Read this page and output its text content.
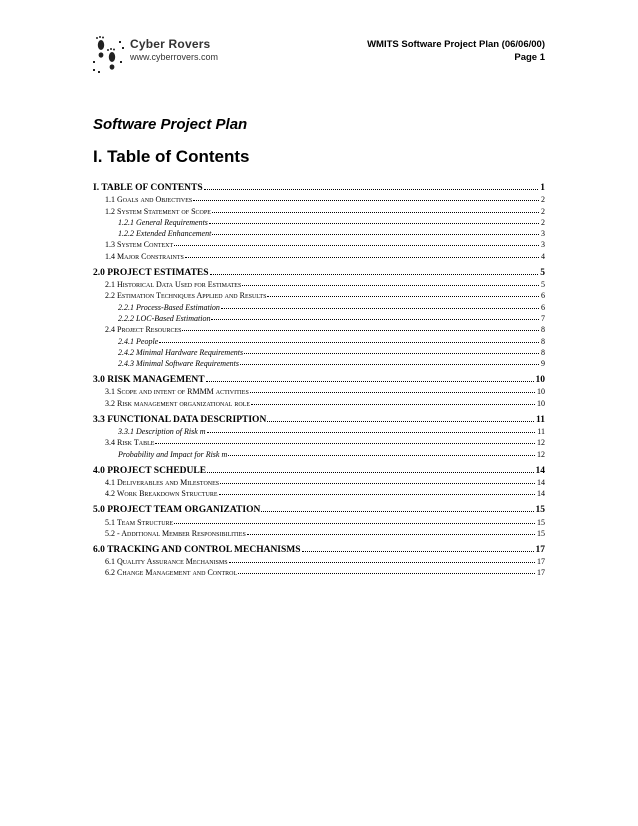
Cyber Rovers
www.cyberrovers.com
WMITS Software Project Plan (06/06/00)
Page 1
Software Project Plan
I. Table of Contents
I. TABLE OF CONTENTS	1
1.1 Goals and Objectives	2
1.2 System Statement of Scope	2
1.2.1 General Requirements	2
1.2.2 Extended Enhancement	3
1.3 System Context	3
1.4 Major Constraints	4
2.0 PROJECT ESTIMATES	5
2.1 Historical Data Used for Estimates	5
2.2 Estimation Techniques Applied and Results	6
2.2.1 Process-Based Estimation	6
2.2.2 LOC-Based Estimation	7
2.4 Project Resources	8
2.4.1 People	8
2.4.2 Minimal Hardware Requirements	8
2.4.3 Minimal Software Requirements	9
3.0 RISK MANAGEMENT	10
3.1 Scope and intent of RMMM activities	10
3.2 Risk management organizational role	10
3.3 FUNCTIONAL DATA DESCRIPTION	11
3.3.1 Description of Risk m	11
3.4 Risk Table	12
Probability and Impact for Risk m	12
4.0 PROJECT SCHEDULE	14
4.1 Deliverables and Milestones	14
4.2 Work Breakdown Structure	14
5.0 PROJECT TEAM ORGANIZATION	15
5.1 Team Structure	15
5.2 - Additional Member Responsibilities	15
6.0 TRACKING AND CONTROL MECHANISMS	17
6.1 Quality Assurance Mechanisms	17
6.2 Change Management and Control	17
